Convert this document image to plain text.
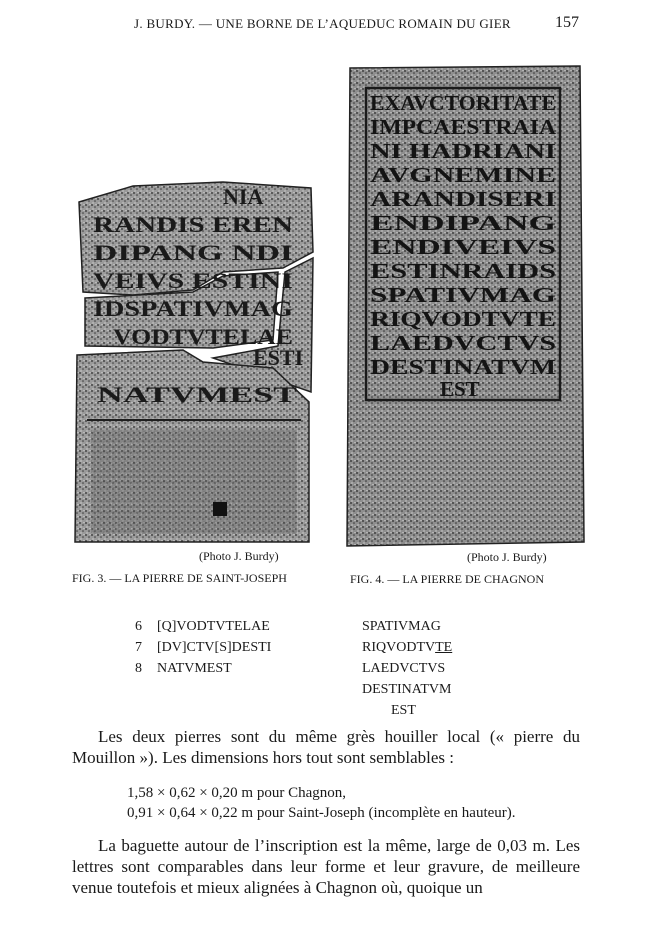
J. BURDY. — UNE BORNE DE L’AQUEDUC ROMAIN DU GIER	157
NIA
RANDIS EREN
DIPANG NDI
VEIVS ESTINI
IDSPATIVMAG
VODTVTELAE
ESTI
NATVMEST
EXAVCTORITATE
IMPCAESTRAIA
NI HADRIANI
AVGNEMINE
ARANDISERI
ENDIPANG
ENDIVEIVS
ESTINRAIDS
SPATIVMAG
RIQVODTVTE
LAEDVCTVS
DESTINATVM
EST
(Photo J. Burdy)	(Photo J. Burdy)
FIG. 3. — LA PIERRE DE SAINT-JOSEPH	FIG. 4. — LA PIERRE DE CHAGNON
6 [Q]VODTVTELAE
7 [DV]CTV[S]DESTI
8 NATVMEST
SPATIVMAG
RIQVODTVTE
LAEDVCTVS
DESTINATVM
EST

Les deux pierres sont du même grès houiller local (« pierre du Mouillon »). Les dimensions hors tout sont semblables :

1,58 × 0,62 × 0,20 m pour Chagnon,
0,91 × 0,64 × 0,22 m pour Saint-Joseph (incomplète en hauteur).

La baguette autour de l’inscription est la même, large de 0,03 m. Les lettres sont comparables dans leur forme et leur gravure, de meilleure venue toutefois et mieux alignées à Chagnon où, quoique un
